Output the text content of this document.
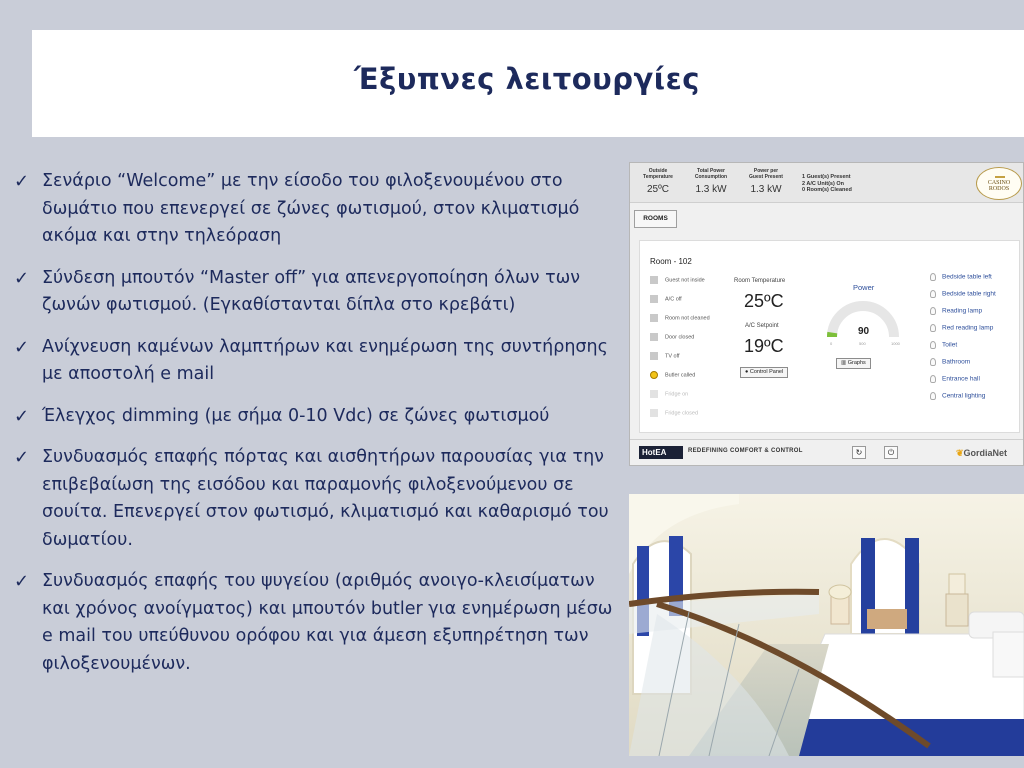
Έξυπνες λειτουργίες
✓ Σενάριο “Welcome” με την είσοδο του φιλοξενουμένου στο δωμάτιο που επενεργεί σε ζώνες φωτισμού, στον κλιματισμό ακόμα και στην τηλεόραση
✓ Σύνδεση μπουτόν “Master off” για απενεργοποίηση όλων των ζωνών φωτισμού. (Εγκαθίστανται δίπλα στο κρεβάτι)
✓ Ανίχνευση καμένων λαμπτήρων και ενημέρωση της συντήρησης με αποστολή e mail
✓ Έλεγχος dimming (με σήμα 0-10 Vdc) σε ζώνες φωτισμού
✓ Συνδυασμός επαφής πόρτας και αισθητήρων παρουσίας για την επιβεβαίωση της εισόδου και παραμονής φιλοξενούμενου σε σουίτα. Επενεργεί στον φωτισμό, κλιματισμό και καθαρισμό του δωματίου.
✓ Συνδυασμός επαφής του ψυγείου (αριθμός ανοιγο-κλεισίματων και χρόνος ανοίγματος) και μπουτόν butler για ενημέρωση μέσω e mail του υπεύθυνου ορόφου και για άμεση εξυπηρέτηση των φιλοξενουμένων.
Outside
Temperature
25ºC
Total Power
Consumption
1.3 kW
Power per
Guest Present
1.3 kW
1 Guest(s) Present
2 A/C Unit(s) On
0 Room(s) Cleaned
CASINO RODOS
ROOMS
Room - 102
Guest not inside
A/C off
Room not cleaned
Door closed
TV off
Butler called
Fridge on
Fridge closed
Room Temperature
25ºC
A/C Setpoint
19ºC
● Control Panel
Power
90
0	500	1000
▥ Graphs
Bedside table left
Bedside table right
Reading lamp
Red reading lamp
Toilet
Bathroom
Entrance hall
Central lighting
HotEA	REDEFINING COMFORT & CONTROL	↻	⏻	❦GordiaNet
